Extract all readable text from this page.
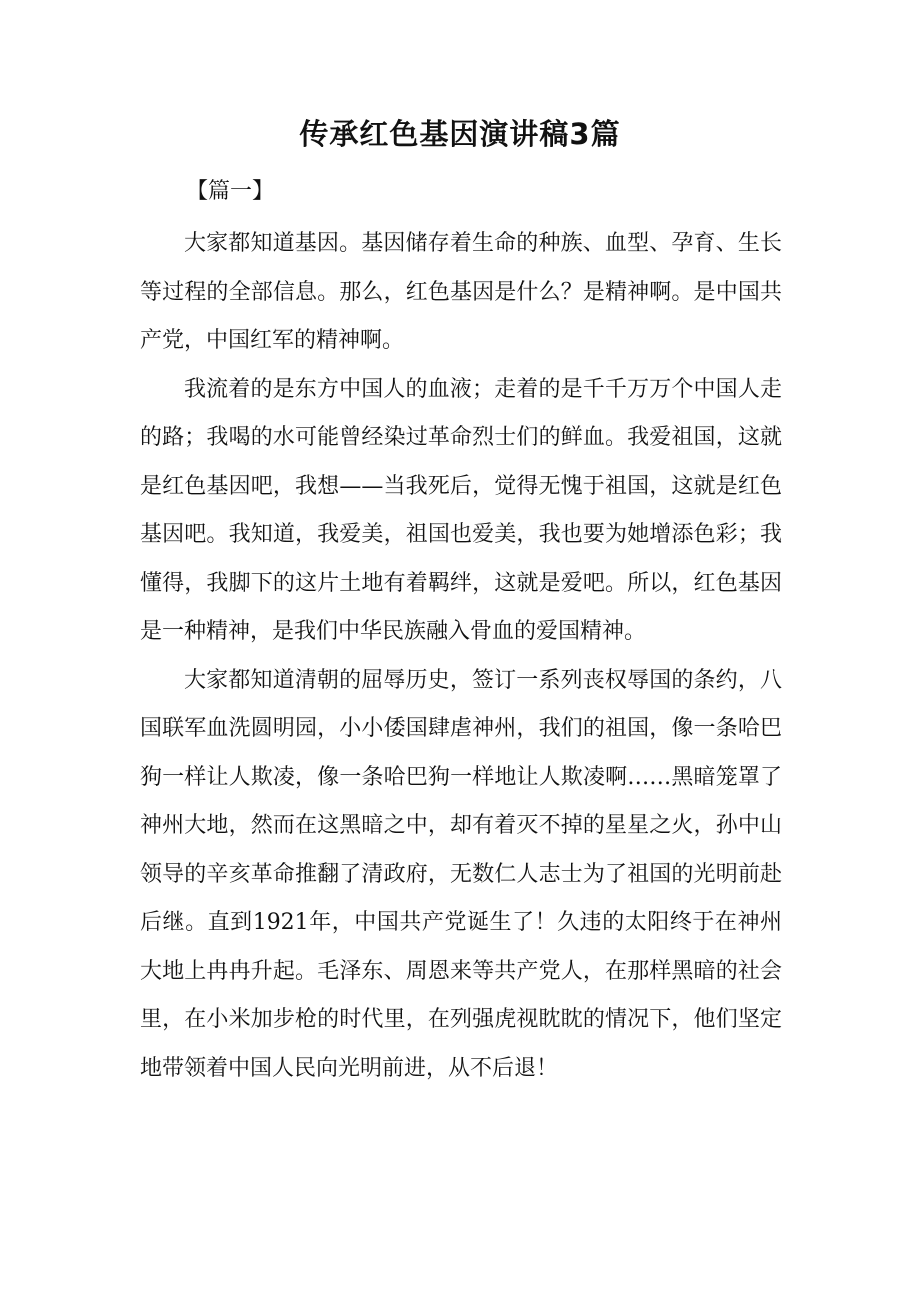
传承红色基因演讲稿3篇
【篇一】

大家都知道基因。基因储存着生命的种族、血型、孕育、生长等过程的全部信息。那么，红色基因是什么？是精神啊。是中国共产党，中国红军的精神啊。

我流着的是东方中国人的血液；走着的是千千万万个中国人走的路；我喝的水可能曾经染过革命烈士们的鲜血。我爱祖国，这就是红色基因吧，我想——当我死后，觉得无愧于祖国，这就是红色基因吧。我知道，我爱美，祖国也爱美，我也要为她增添色彩；我懂得，我脚下的这片土地有着羁绊，这就是爱吧。所以，红色基因是一种精神，是我们中华民族融入骨血的爱国精神。

大家都知道清朝的屈辱历史，签订一系列丧权辱国的条约，八国联军血洗圆明园，小小倭国肆虐神州，我们的祖国，像一条哈巴狗一样让人欺凌，像一条哈巴狗一样地让人欺凌啊……黑暗笼罩了神州大地，然而在这黑暗之中，却有着灭不掉的星星之火，孙中山领导的辛亥革命推翻了清政府，无数仁人志士为了祖国的光明前赴后继。直到1921年，中国共产党诞生了！久违的太阳终于在神州大地上冉冉升起。毛泽东、周恩来等共产党人，在那样黑暗的社会里，在小米加步枪的时代里，在列强虎视眈眈的情况下，他们坚定地带领着中国人民向光明前进，从不后退！
